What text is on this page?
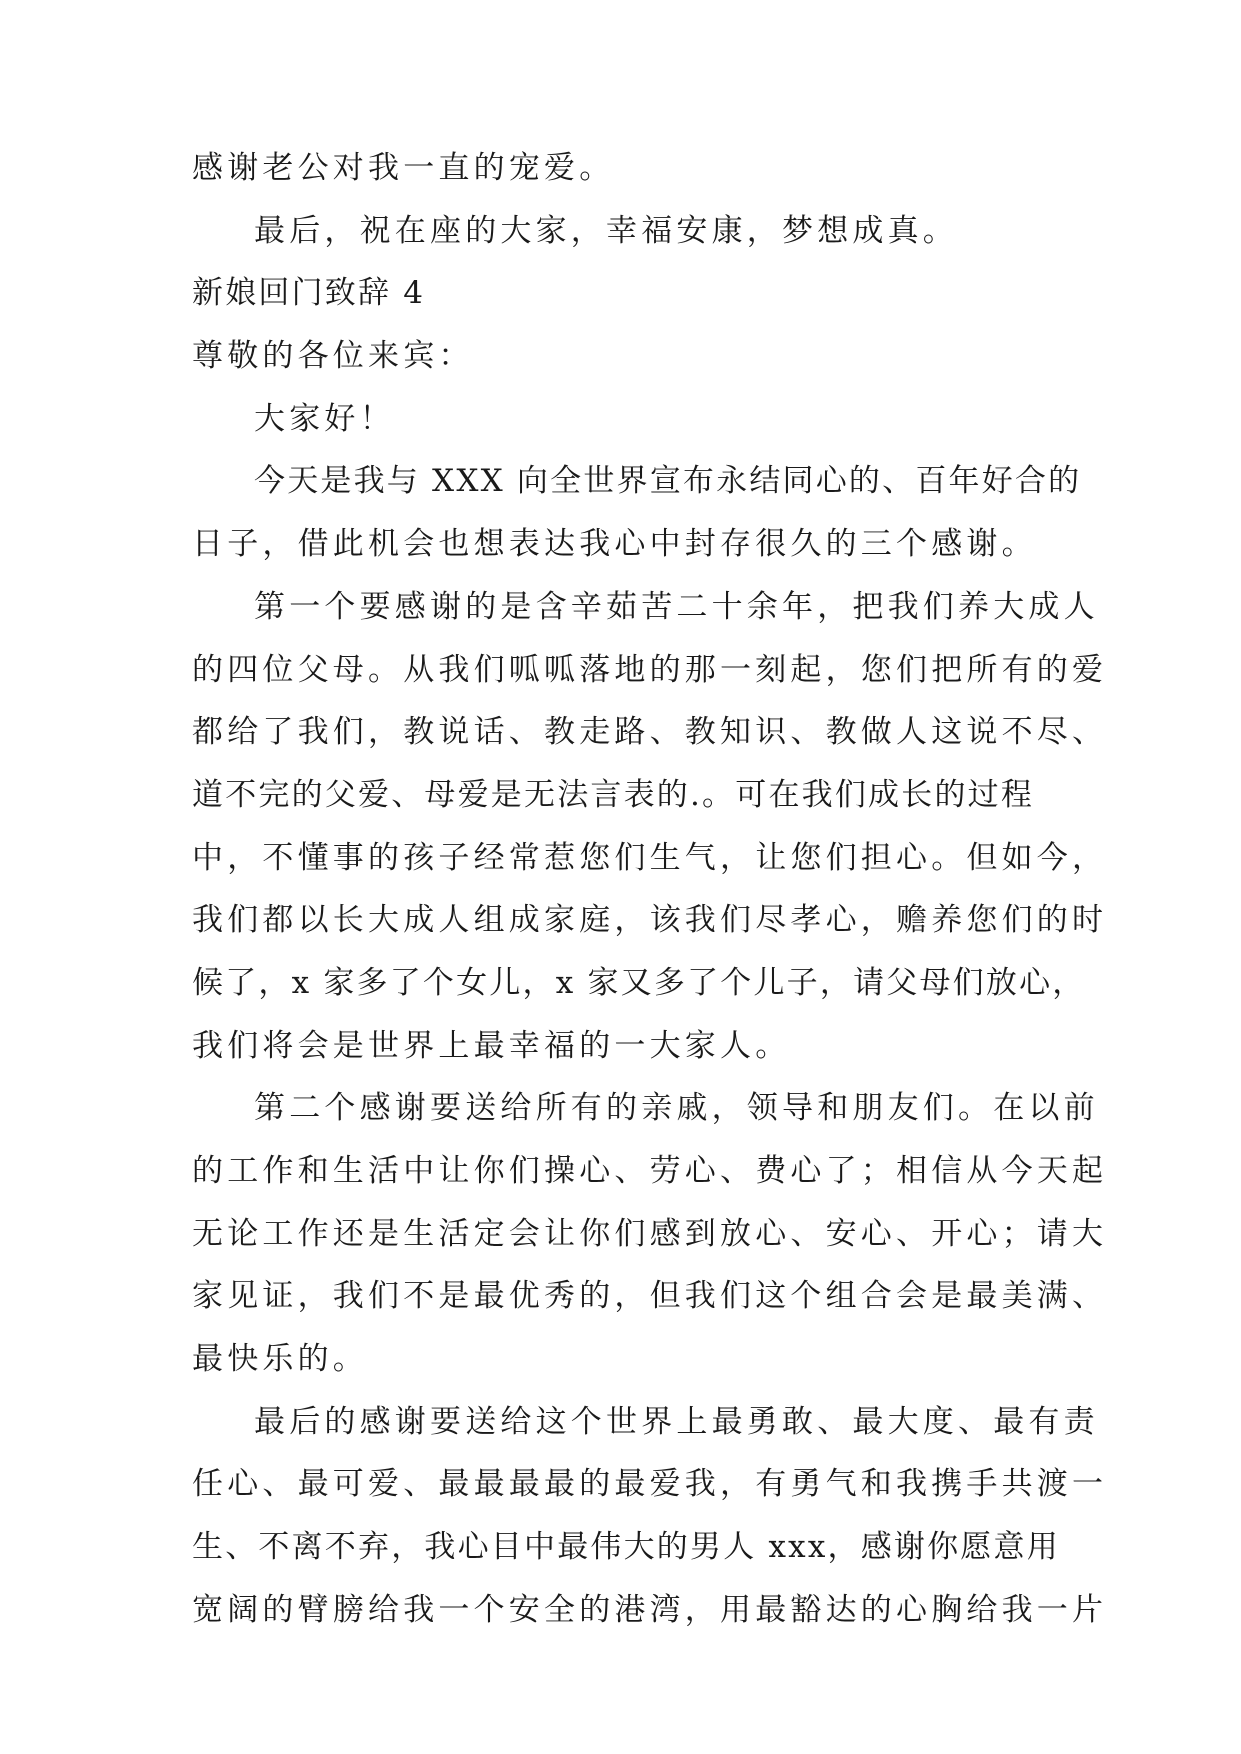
感谢老公对我一直的宠爱。
最后，祝在座的大家，幸福安康，梦想成真。
新娘回门致辞 4
尊敬的各位来宾：
大家好！
今天是我与 XXX 向全世界宣布永结同心的、百年好合的
日子，借此机会也想表达我心中封存很久的三个感谢。
第一个要感谢的是含辛茹苦二十余年，把我们养大成人
的四位父母。从我们呱呱落地的那一刻起，您们把所有的爱
都给了我们，教说话、教走路、教知识、教做人这说不尽、
道不完的父爱、母爱是无法言表的.。可在我们成长的过程
中，不懂事的孩子经常惹您们生气，让您们担心。但如今，
我们都以长大成人组成家庭，该我们尽孝心，赡养您们的时
候了，x 家多了个女儿，x 家又多了个儿子，请父母们放心，
我们将会是世界上最幸福的一大家人。
第二个感谢要送给所有的亲戚，领导和朋友们。在以前
的工作和生活中让你们操心、劳心、费心了；相信从今天起
无论工作还是生活定会让你们感到放心、安心、开心；请大
家见证，我们不是最优秀的，但我们这个组合会是最美满、
最快乐的。
最后的感谢要送给这个世界上最勇敢、最大度、最有责
任心、最可爱、最最最最的最爱我，有勇气和我携手共渡一
生、不离不弃，我心目中最伟大的男人 xxx，感谢你愿意用
宽阔的臂膀给我一个安全的港湾，用最豁达的心胸给我一片
